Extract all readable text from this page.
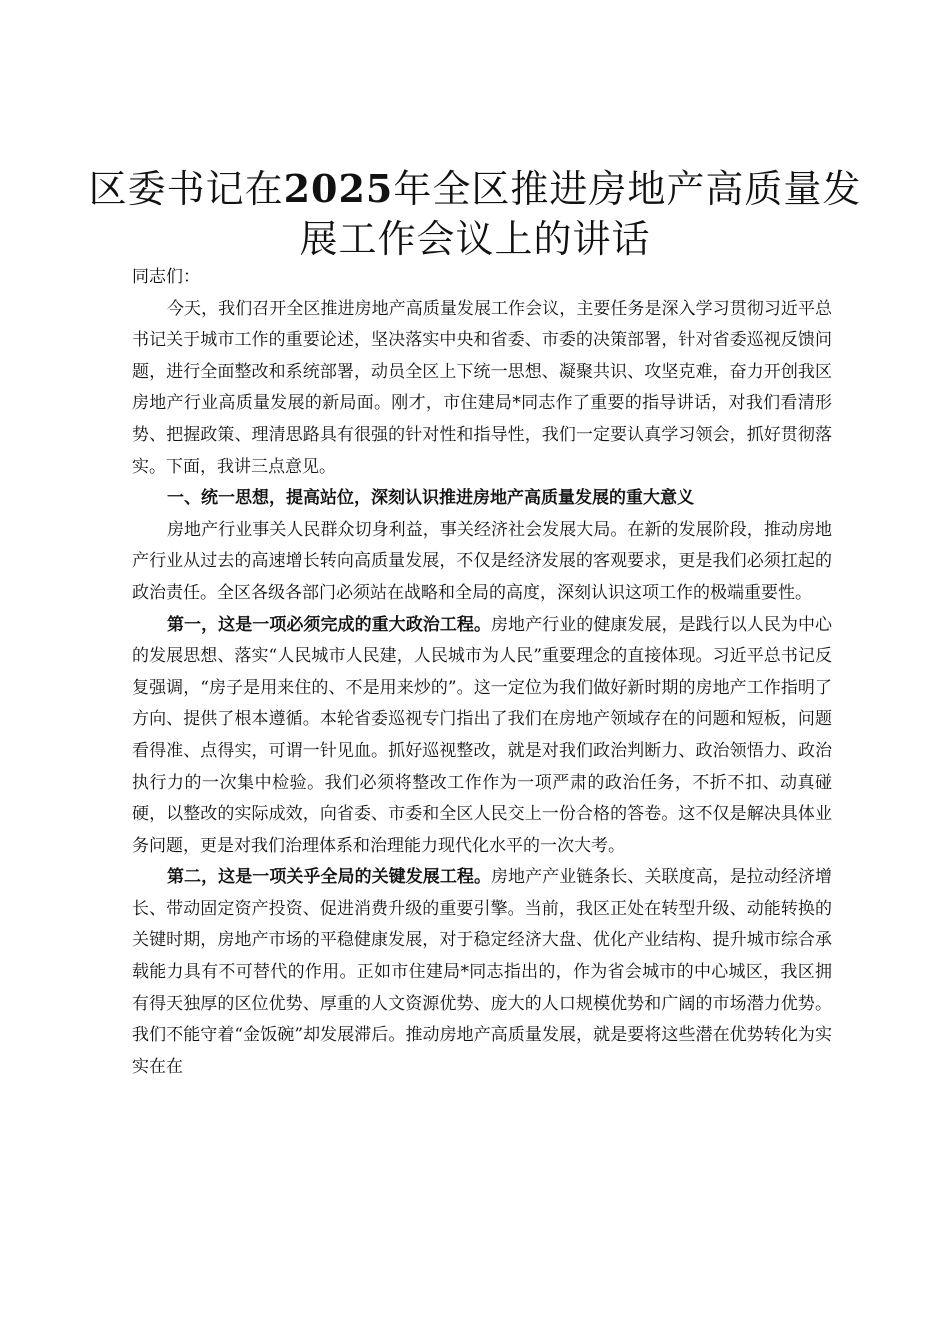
区委书记在2025年全区推进房地产高质量发展工作会议上的讲话

同志们：

今天，我们召开全区推进房地产高质量发展工作会议，主要任务是深入学习贯彻习近平总书记关于城市工作的重要论述，坚决落实中央和省委、市委的决策部署，针对省委巡视反馈问题，进行全面整改和系统部署，动员全区上下统一思想、凝聚共识、攻坚克难，奋力开创我区房地产行业高质量发展的新局面。刚才，市住建局*同志作了重要的指导讲话，对我们看清形势、把握政策、理清思路具有很强的针对性和指导性，我们一定要认真学习领会，抓好贯彻落实。下面，我讲三点意见。

一、统一思想，提高站位，深刻认识推进房地产高质量发展的重大意义

房地产行业事关人民群众切身利益，事关经济社会发展大局。在新的发展阶段，推动房地产行业从过去的高速增长转向高质量发展，不仅是经济发展的客观要求，更是我们必须扛起的政治责任。全区各级各部门必须站在战略和全局的高度，深刻认识这项工作的极端重要性。

第一，这是一项必须完成的重大政治工程。房地产行业的健康发展，是践行以人民为中心的发展思想、落实“人民城市人民建，人民城市为人民”重要理念的直接体现。习近平总书记反复强调，“房子是用来住的、不是用来炒的”。这一定位为我们做好新时期的房地产工作指明了方向、提供了根本遵循。本轮省委巡视专门指出了我们在房地产领域存在的问题和短板，问题看得准、点得实，可谓一针见血。抓好巡视整改，就是对我们政治判断力、政治领悟力、政治执行力的一次集中检验。我们必须将整改工作作为一项严肃的政治任务，不折不扣、动真碰硬，以整改的实际成效，向省委、市委和全区人民交上一份合格的答卷。这不仅是解决具体业务问题，更是对我们治理体系和治理能力现代化水平的一次大考。

第二，这是一项关乎全局的关键发展工程。房地产产业链条长、关联度高，是拉动经济增长、带动固定资产投资、促进消费升级的重要引擎。当前，我区正处在转型升级、动能转换的关键时期，房地产市场的平稳健康发展，对于稳定经济大盘、优化产业结构、提升城市综合承载能力具有不可替代的作用。正如市住建局*同志指出的，作为省会城市的中心城区，我区拥有得天独厚的区位优势、厚重的人文资源优势、庞大的人口规模优势和广阔的市场潜力优势。我们不能守着“金饭碗”却发展滞后。推动房地产高质量发展，就是要将这些潜在优势转化为实实在在
